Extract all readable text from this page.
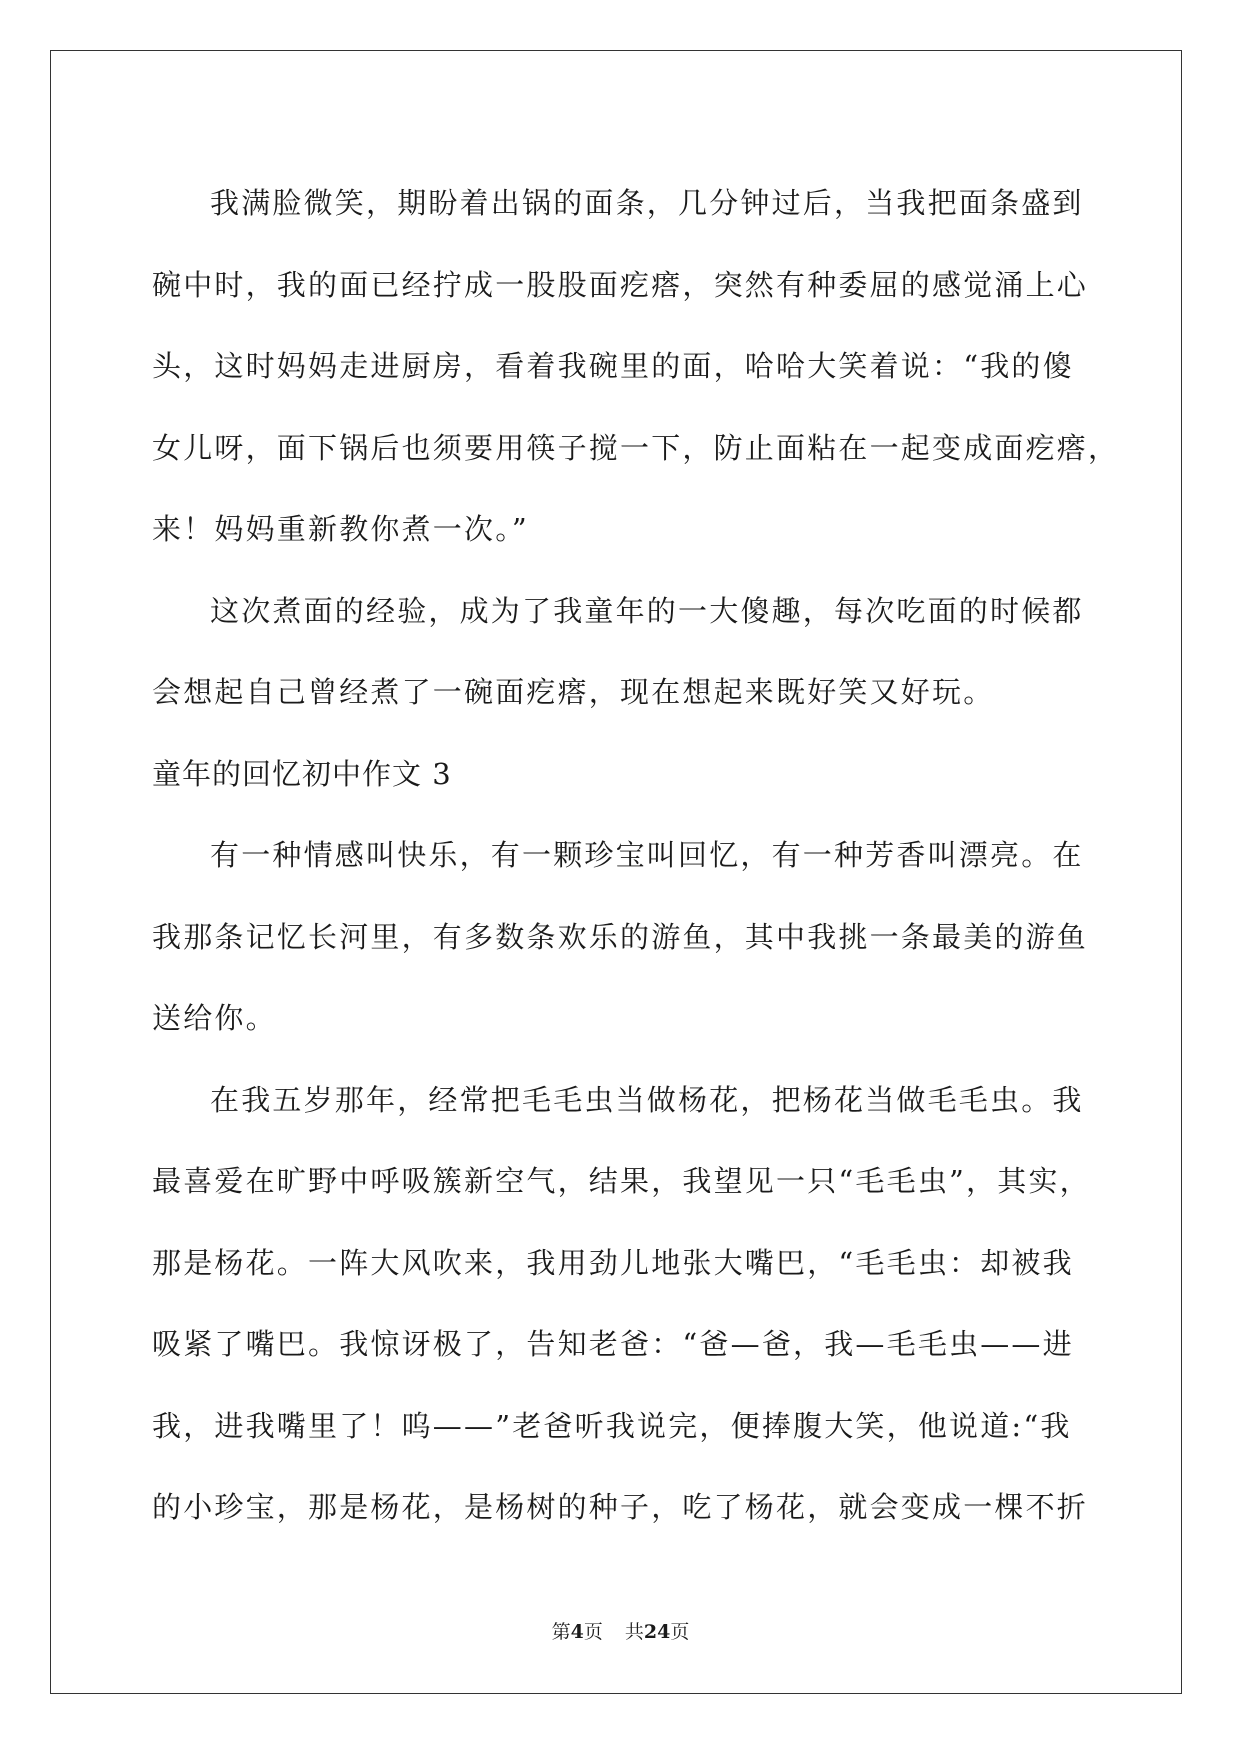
我满脸微笑，期盼着出锅的面条，几分钟过后，当我把面条盛到
碗中时，我的面已经拧成一股股面疙瘩，突然有种委屈的感觉涌上心
头，这时妈妈走进厨房，看着我碗里的面，哈哈大笑着说：“我的傻
女儿呀，面下锅后也须要用筷子搅一下，防止面粘在一起变成面疙瘩，
来！妈妈重新教你煮一次。”

这次煮面的经验，成为了我童年的一大傻趣，每次吃面的时候都
会想起自己曾经煮了一碗面疙瘩，现在想起来既好笑又好玩。

童年的回忆初中作文 3

有一种情感叫快乐，有一颗珍宝叫回忆，有一种芳香叫漂亮。在
我那条记忆长河里，有多数条欢乐的游鱼，其中我挑一条最美的游鱼
送给你。

在我五岁那年，经常把毛毛虫当做杨花，把杨花当做毛毛虫。我
最喜爱在旷野中呼吸簇新空气，结果，我望见一只“毛毛虫”，其实，
那是杨花。一阵大风吹来，我用劲儿地张大嘴巴，“毛毛虫：却被我
吸紧了嘴巴。我惊讶极了，告知老爸：“爸—爸，我—毛毛虫——进
我，进我嘴里了！呜——”老爸听我说完，便捧腹大笑，他说道:“我
的小珍宝，那是杨花，是杨树的种子，吃了杨花，就会变成一棵不折

第4页 共24页
